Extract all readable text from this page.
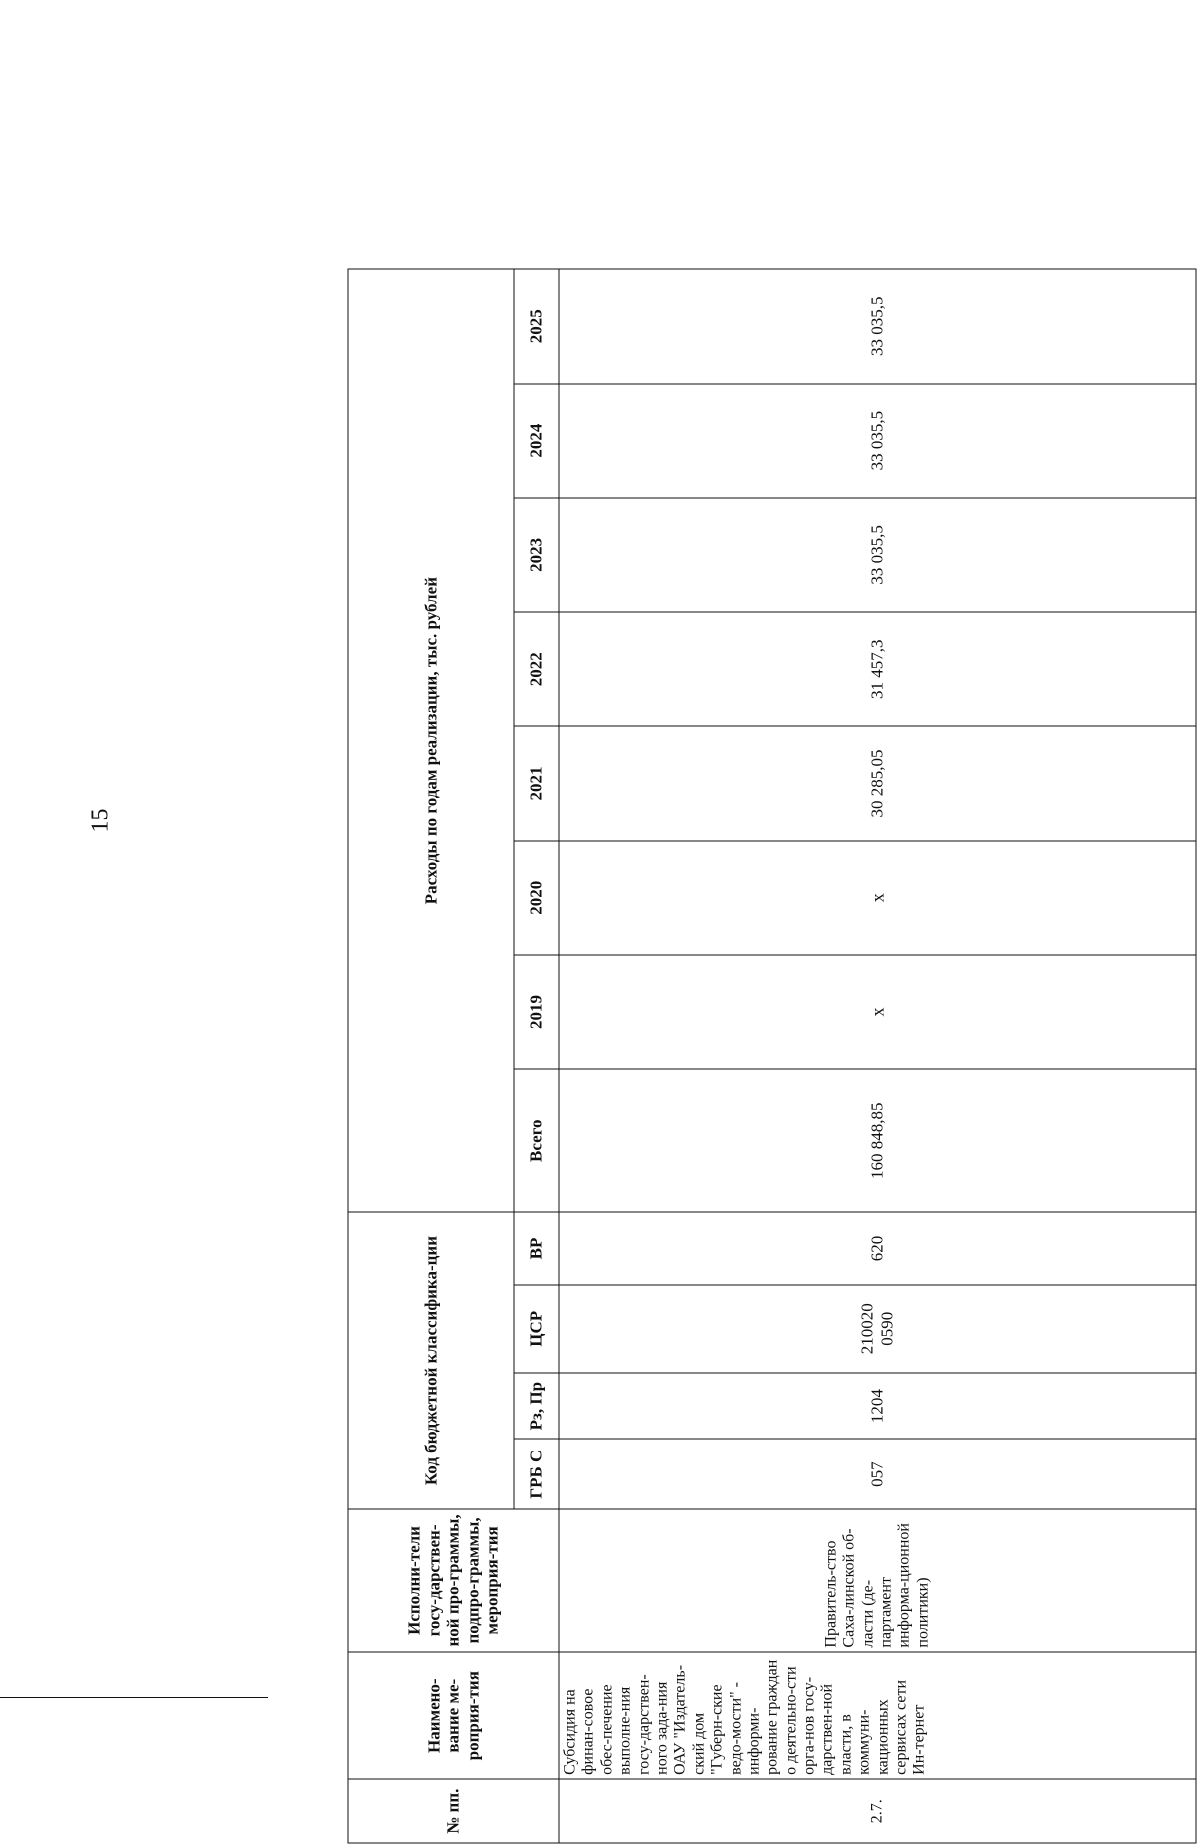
15
№ пп.	Наимено-вание ме-роприя-тия	Исполни-тели госу-дарствен-ной про-граммы, подпро-граммы, мероприя-тия	Код бюджетной классифика-ции				Расходы по годам реализации, тыс. рублей							
			ГРБ С	Рз, Пр	ЦСР	ВР	Всего	2019	2020	2021	2022	2023	2024	2025
2.7.	Субсидия на финан-совое обес-печение выполне-ния госу-дарствен-ного зада-ния ОАУ "Издатель-ский дом "Губерн-ские ведо-мости" - информи-рование граждан о деятельно-сти орга-нов госу-дарствен-ной власти, в коммуни-кационных сервисах сети Ин-тернет	Правитель-ство Саха-линской об-ласти (де-партамент информа-ционной политики)	057	1204	210020 0590	620	160 848,85	x	x	30 285,05	31 457,3	33 035,5	33 035,5	33 035,5
